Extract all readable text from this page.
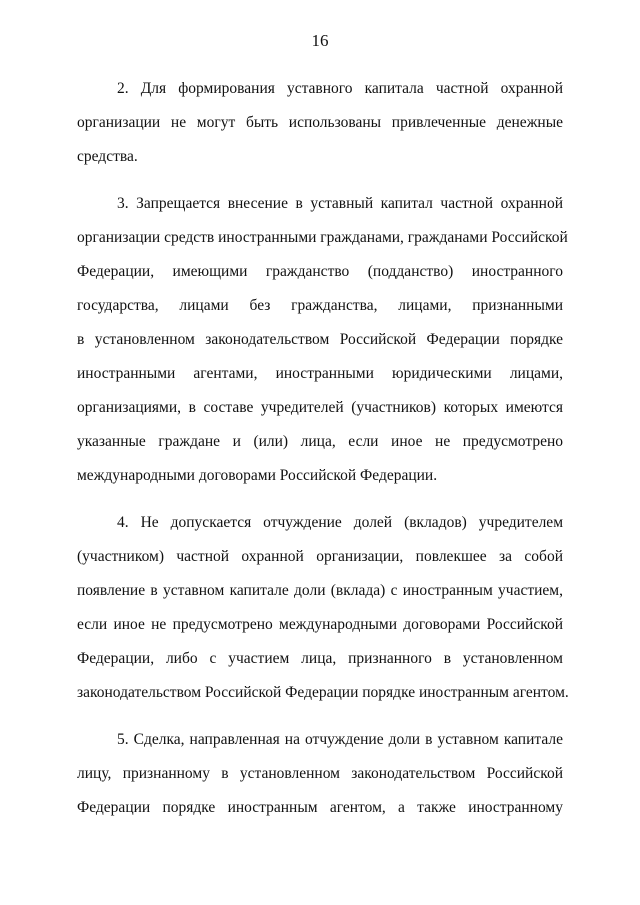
16

2. Для формирования уставного капитала частной охранной
организации не могут быть использованы привлеченные денежные
средства.

3. Запрещается внесение в уставный капитал частной охранной
организации средств иностранными гражданами, гражданами Российской
Федерации, имеющими гражданство (подданство) иностранного
государства, лицами без гражданства, лицами, признанными
в установленном законодательством Российской Федерации порядке
иностранными агентами, иностранными юридическими лицами,
организациями, в составе учредителей (участников) которых имеются
указанные граждане и (или) лица, если иное не предусмотрено
международными договорами Российской Федерации.

4. Не допускается отчуждение долей (вкладов) учредителем
(участником) частной охранной организации, повлекшее за собой
появление в уставном капитале доли (вклада) с иностранным участием,
если иное не предусмотрено международными договорами Российской
Федерации, либо с участием лица, признанного в установленном
законодательством Российской Федерации порядке иностранным агентом.

5. Сделка, направленная на отчуждение доли в уставном капитале
лицу, признанному в установленном законодательством Российской
Федерации порядке иностранным агентом, а также иностранному
